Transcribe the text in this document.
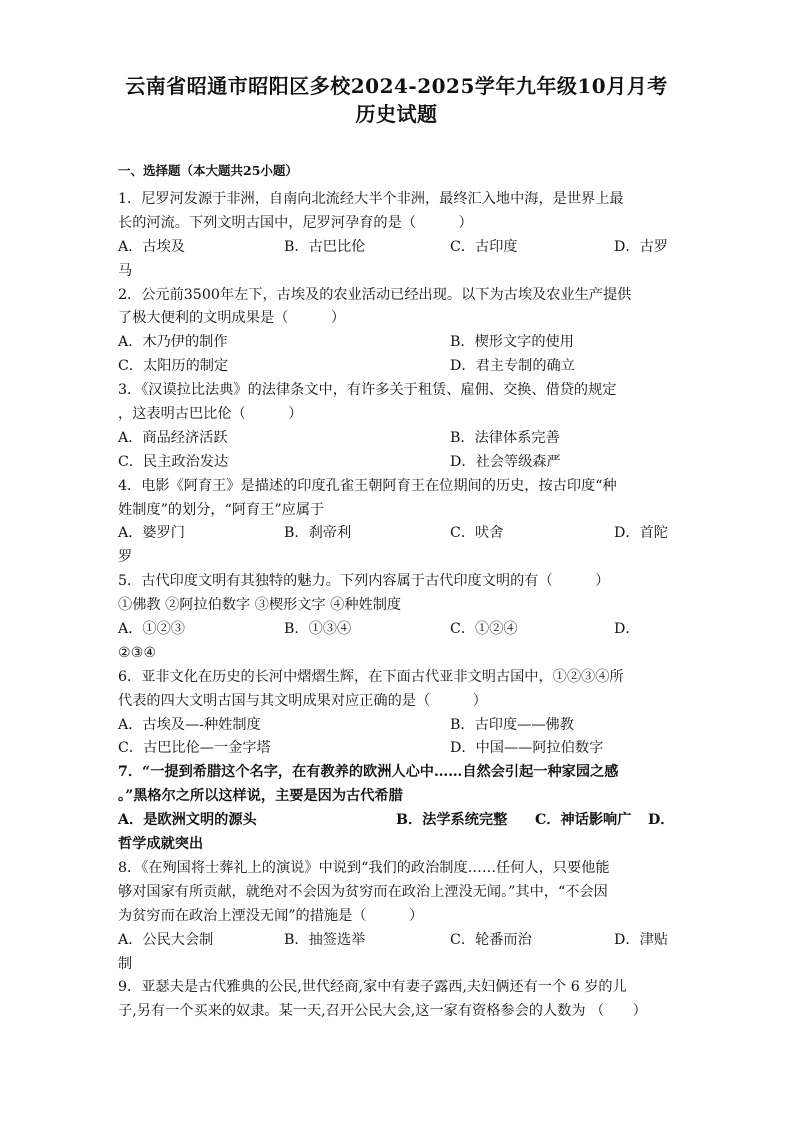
云南省昭通市昭阳区多校2024-2025学年九年级10月月考
历史试题
一、选择题（本大题共25小题）
1．尼罗河发源于非洲，自南向北流经大半个非洲，最终汇入地中海，是世界上最
长的河流。下列文明古国中，尼罗河孕育的是（　　　）
A．古埃及	B．古巴比伦	C．古印度	D．古罗
马
2．公元前3500年左下，古埃及的农业活动已经出现。以下为古埃及农业生产提供
了极大便利的文明成果是（　　　）
A．木乃伊的制作	B．楔形文字的使用
C．太阳历的制定	D．君主专制的确立
3．《汉谟拉比法典》的法律条文中，有许多关于租赁、雇佣、交换、借贷的规定
，这表明古巴比伦（　　　）
A．商品经济活跃	B．法律体系完善
C．民主政治发达	D．社会等级森严
4．电影《阿育王》是描述的印度孔雀王朝阿育王在位期间的历史，按古印度“种
姓制度”的划分，“阿育王”应属于
A．婆罗门	B．刹帝利	C．吠舍	D．首陀
罗
5．古代印度文明有其独特的魅力。下列内容属于古代印度文明的有（　　　）
①佛教 ②阿拉伯数字 ③楔形文字 ④种姓制度
A．①②③	B．①③④	C．①②④	D．
②③④
6．亚非文化在历史的长河中熠熠生辉，在下面古代亚非文明古国中，①②③④所
代表的四大文明古国与其文明成果对应正确的是（　　　）
A．古埃及—-种姓制度	B．古印度——佛教
C．古巴比伦—一金字塔	D．中国——阿拉伯数字
7．“一提到希腊这个名字，在有教养的欧洲人心中……自然会引起一种家园之感
。”黑格尔之所以这样说，主要是因为古代希腊
A．是欧洲文明的源头	B．法学系统完整 C．神话影响广 D．
哲学成就突出
8．《在殉国将士葬礼上的演说》中说到“我们的政治制度……任何人，只要他能
够对国家有所贡献，就绝对不会因为贫穷而在政治上湮没无闻。”其中，“不会因
为贫穷而在政治上湮没无闻”的措施是（　　　）
A．公民大会制	B．抽签选举	C．轮番而治	D．津贴
制
9．亚瑟夫是古代雅典的公民,世代经商,家中有妻子露西,夫妇俩还有一个 6 岁的儿
子,另有一个买来的奴隶。某一天,召开公民大会,这一家有资格参会的人数为 （　　）
